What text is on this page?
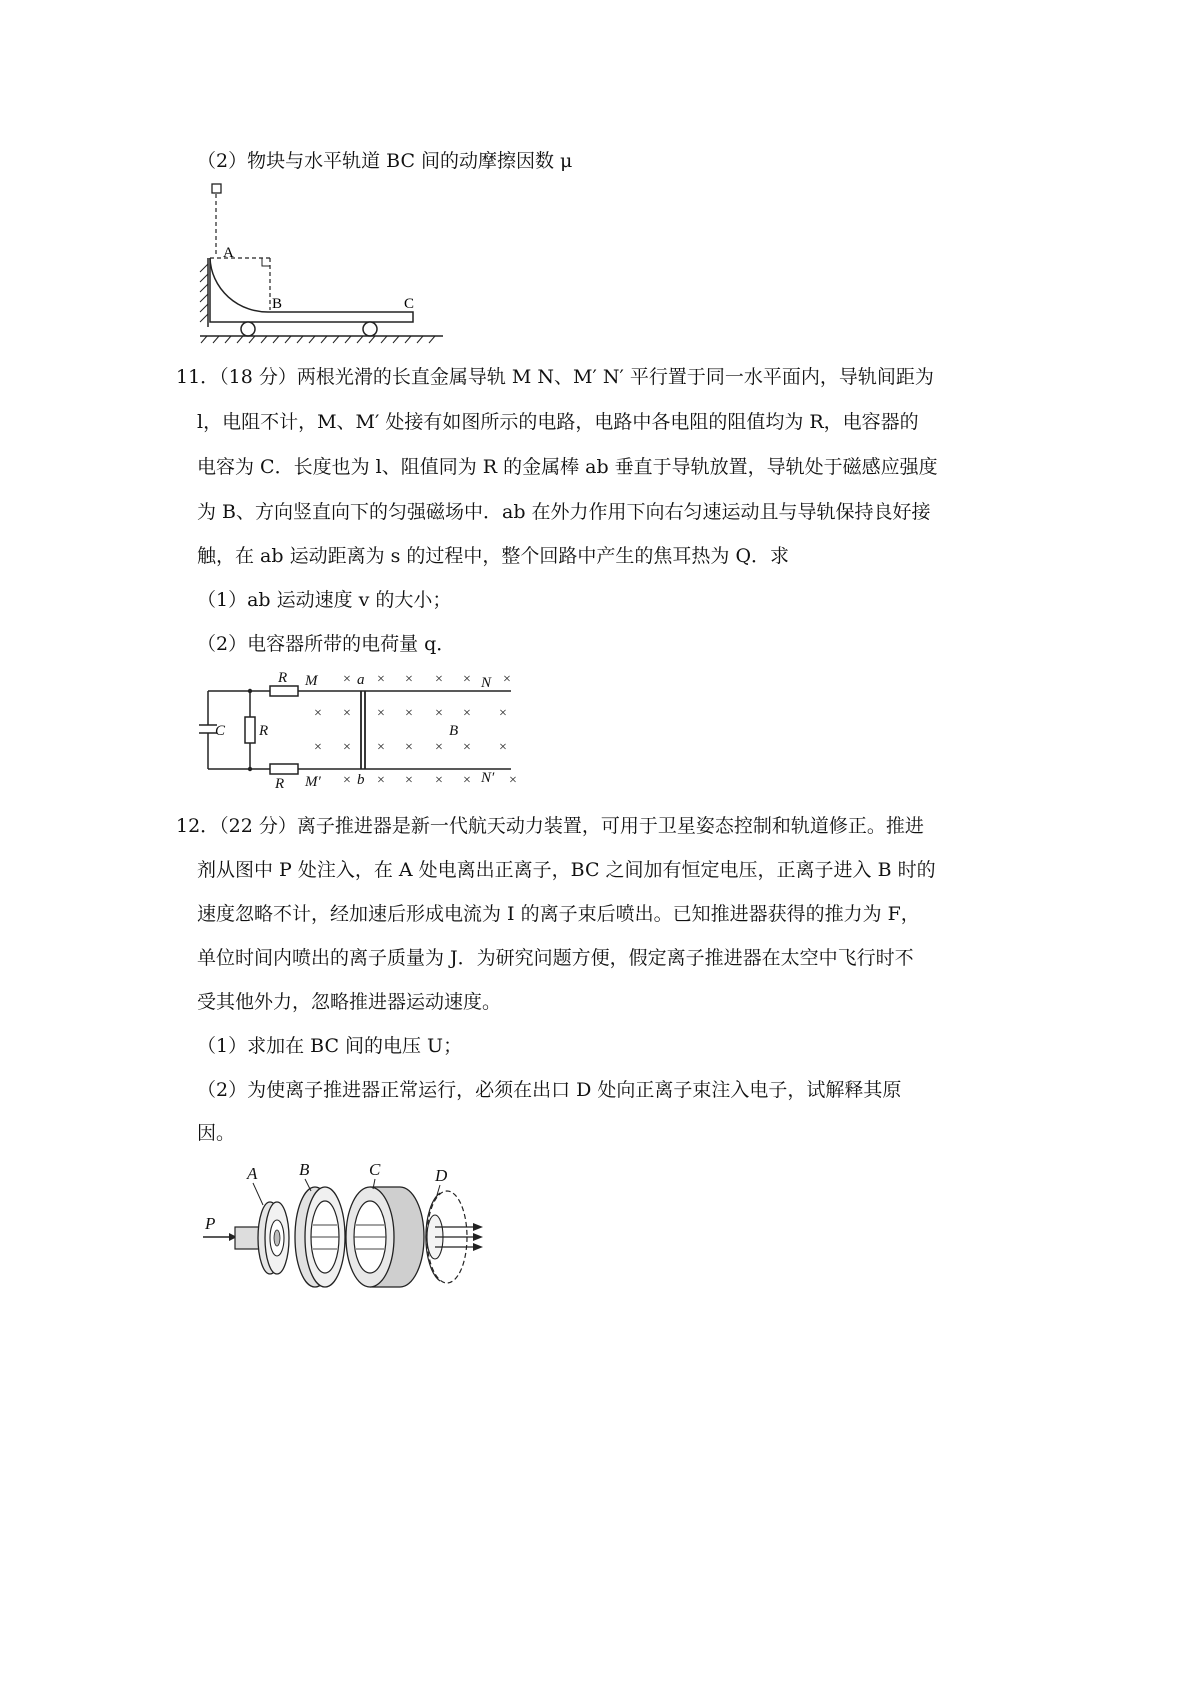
（2）物块与水平轨道 BC 间的动摩擦因数 μ
A
B	C
11．（18 分）两根光滑的长直金属导轨 M N、M′ N′ 平行置于同一水平面内，导轨间距为
l，电阻不计，M、M′ 处接有如图所示的电路，电路中各电阻的阻值均为 R，电容器的
电容为 C．长度也为 l、阻值同为 R 的金属棒 ab 垂直于导轨放置，导轨处于磁感应强度
为 B、方向竖直向下的匀强磁场中．ab 在外力作用下向右匀速运动且与导轨保持良好接
触，在 ab 运动距离为 s 的过程中，整个回路中产生的焦耳热为 Q．求
（1）ab 运动速度 v 的大小；
（2）电容器所带的电荷量 q．
× × × × × ×
× × × × × × ×
× × × × × × ×
× × × × ×	×
R
R
R
C
M
M′
N
N′
a
b
B
12．（22 分）离子推进器是新一代航天动力装置，可用于卫星姿态控制和轨道修正。推进
剂从图中 P 处注入，在 A 处电离出正离子，BC 之间加有恒定电压，正离子进入 B 时的
速度忽略不计，经加速后形成电流为 I 的离子束后喷出。已知推进器获得的推力为 F，
单位时间内喷出的离子质量为 J．为研究问题方便，假定离子推进器在太空中飞行时不
受其他外力，忽略推进器运动速度。
（1）求加在 BC 间的电压 U；
（2）为使离子推进器正常运行，必须在出口 D 处向正离子束注入电子，试解释其原
因。
P
A B	C	D
